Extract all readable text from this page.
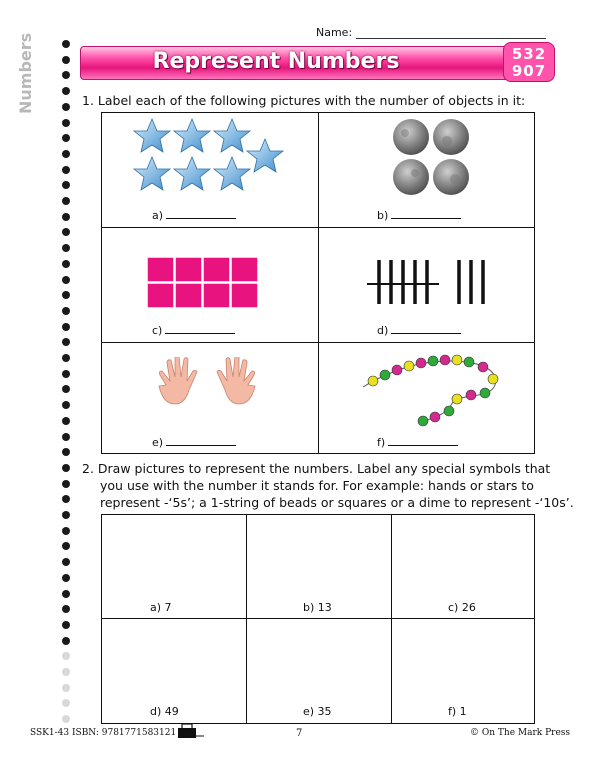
Numbers
Name:
Represent Numbers	532
907
1. Label each of the following pictures with the number of objects in it:
a)	b)
c)	d)
e)	f)
2. Draw pictures to represent the numbers. Label any special symbols that
you use with the number it stands for. For example: hands or stars to
represent -‘5s’; a 1-string of beads or squares or a dime to represent -‘10s’.
a) 7	b) 13	c) 26
d) 49	e) 35	f) 1
SSK1-43 ISBN: 9781771583121	7	© On The Mark Press
